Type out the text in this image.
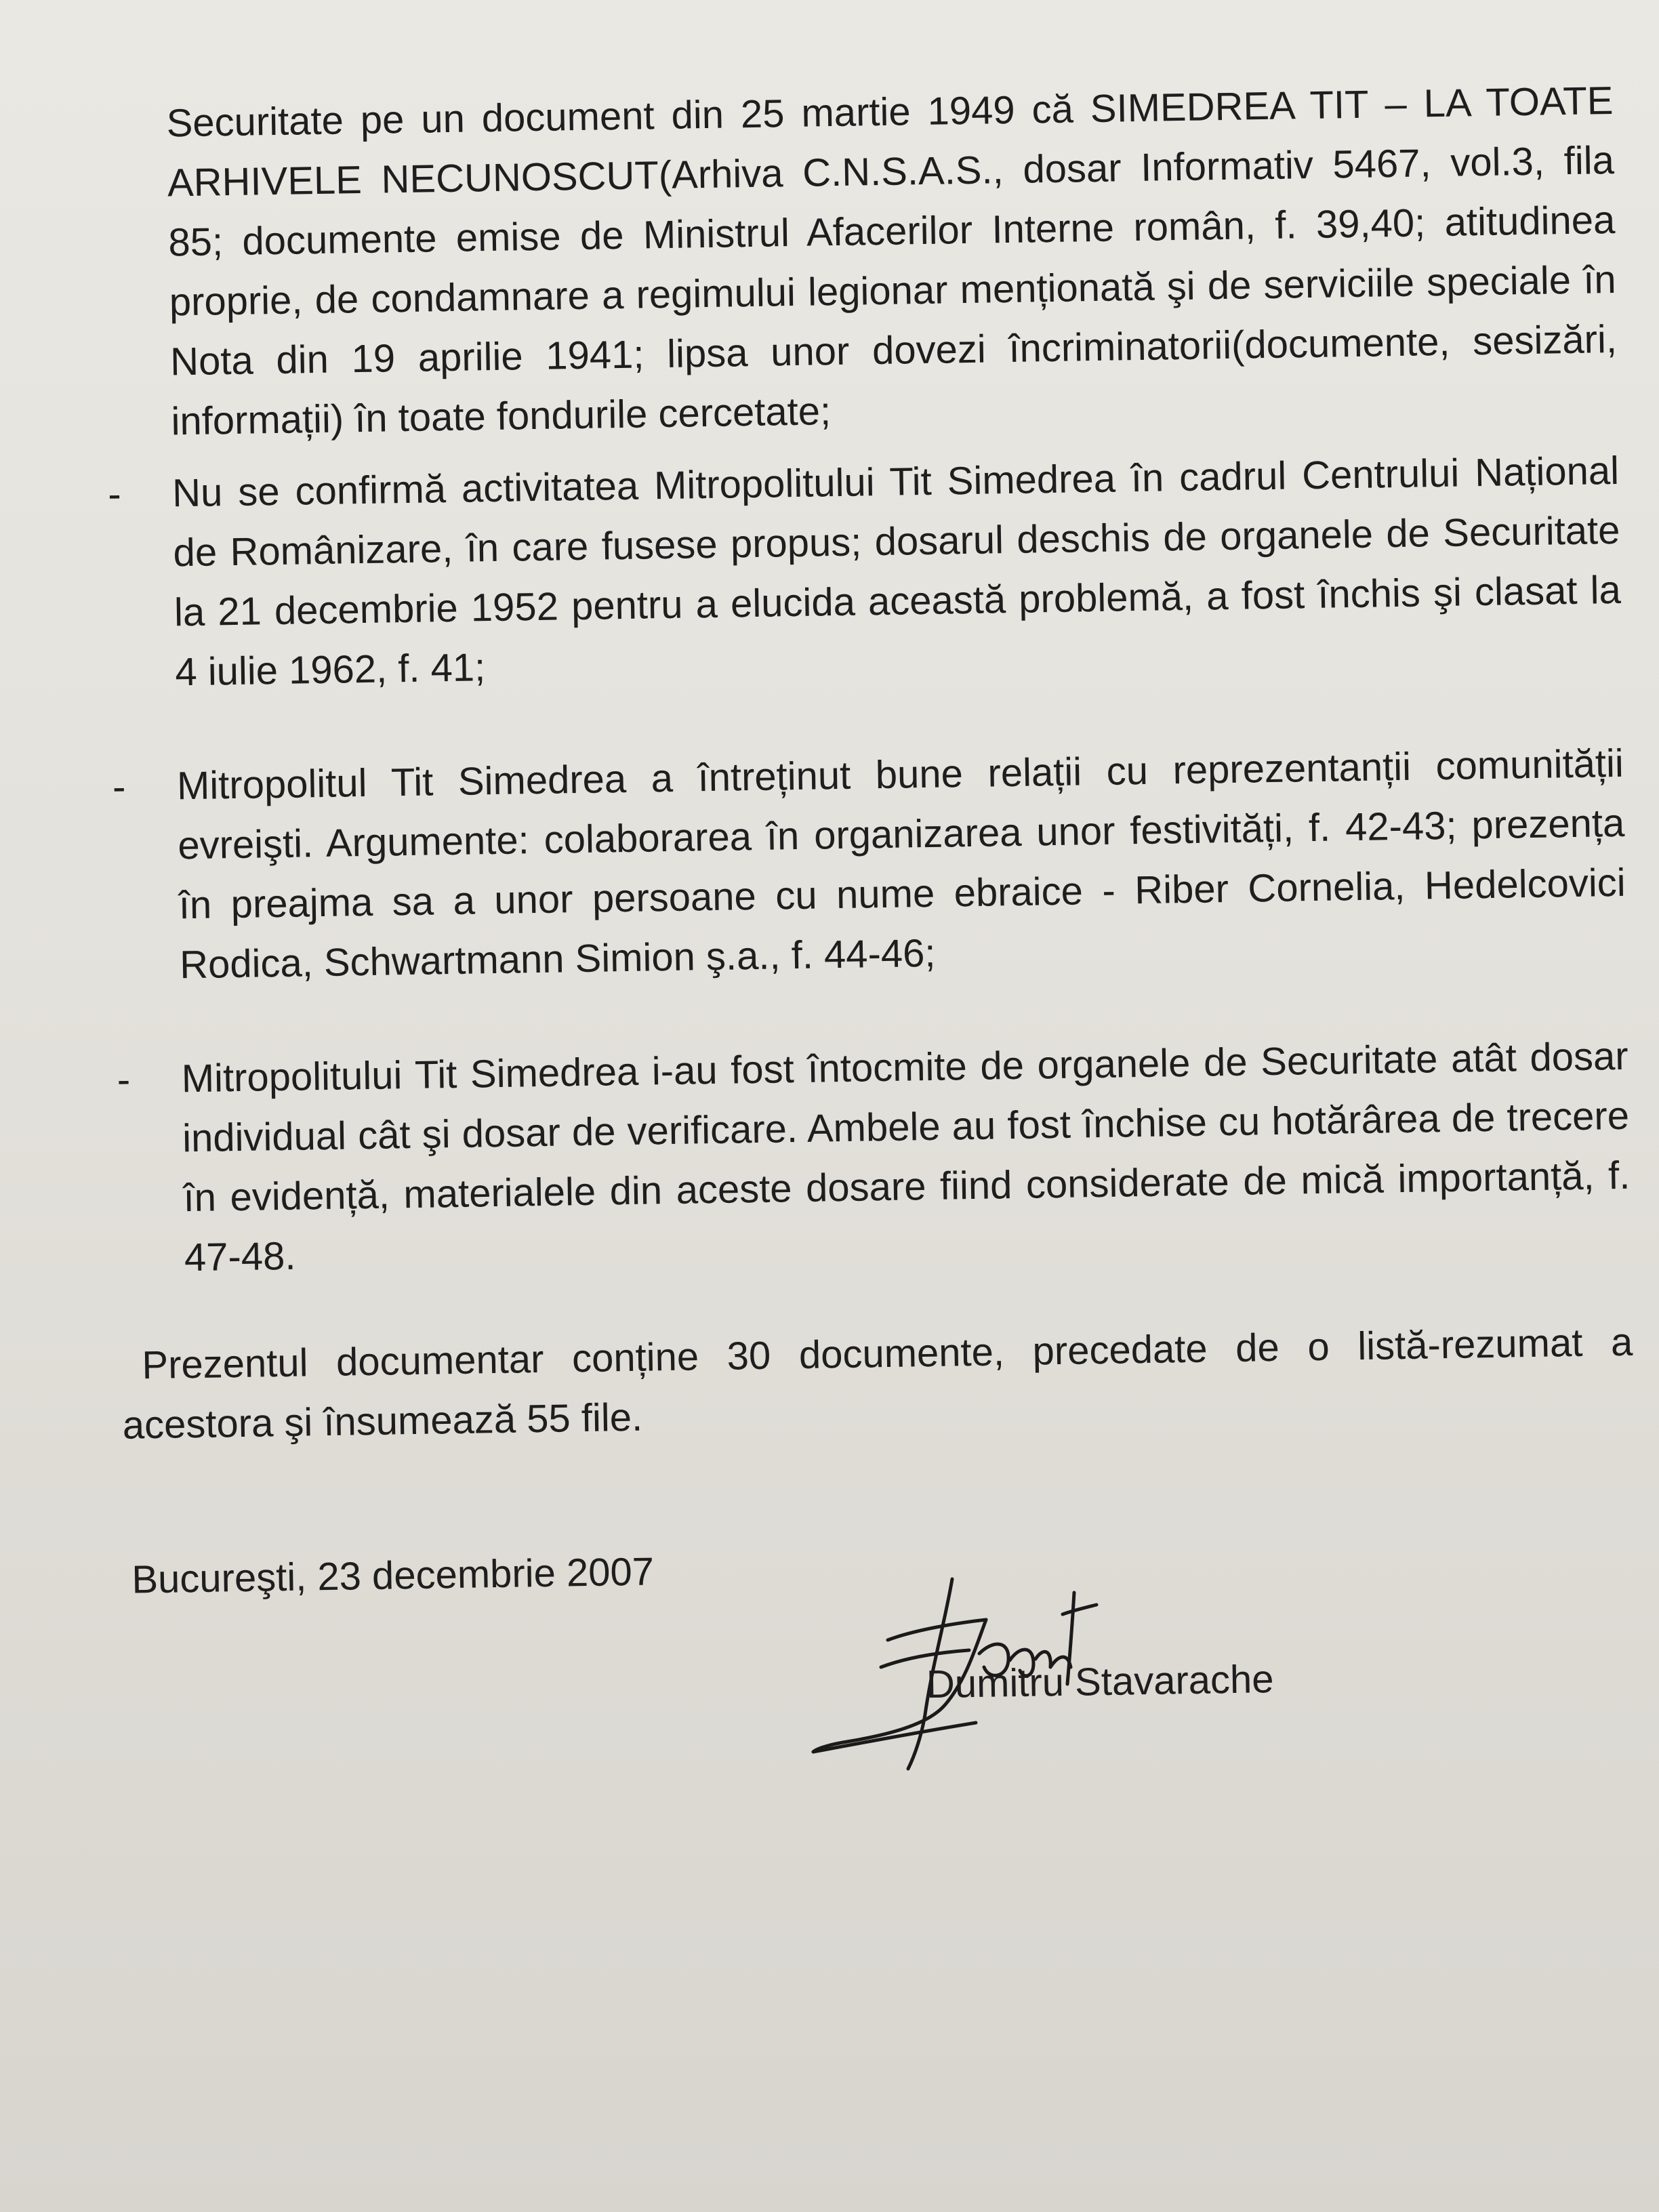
Securitate pe un document din 25 martie 1949 că SIMEDREA TIT – LA TOATE ARHIVELE NECUNOSCUT(Arhiva C.N.S.A.S., dosar Informativ 5467, vol.3, fila 85; documente emise de Ministrul Afacerilor Interne român, f. 39,40; atitudinea proprie, de condamnare a regimului legionar menționată şi de serviciile speciale în Nota din 19 aprilie 1941; lipsa unor dovezi încriminatorii(documente, sesizări, informații) în toate fondurile cercetate;

- Nu se confirmă activitatea Mitropolitului Tit Simedrea în cadrul Centrului Național de Românizare, în care fusese propus; dosarul deschis de organele de Securitate la 21 decembrie 1952 pentru a elucida această problemă, a fost închis şi clasat la 4 iulie 1962, f. 41;
- Mitropolitul Tit Simedrea a întreținut bune relații cu reprezentanții comunității evreişti. Argumente: colaborarea în organizarea unor festivități, f. 42-43; prezența în preajma sa a unor persoane cu nume ebraice - Riber Cornelia, Hedelcovici Rodica, Schwartmann Simion ş.a., f. 44-46;
- Mitropolitului Tit Simedrea i-au fost întocmite de organele de Securitate atât dosar individual cât şi dosar de verificare. Ambele au fost închise cu hotărârea de trecere în evidență, materialele din aceste dosare fiind considerate de mică importanță, f. 47-48.

Prezentul documentar conține 30 documente, precedate de o listă-rezumat a acestora şi însumează 55 file.

Bucureşti, 23 decembrie 2007
Dumitru Stavarache
